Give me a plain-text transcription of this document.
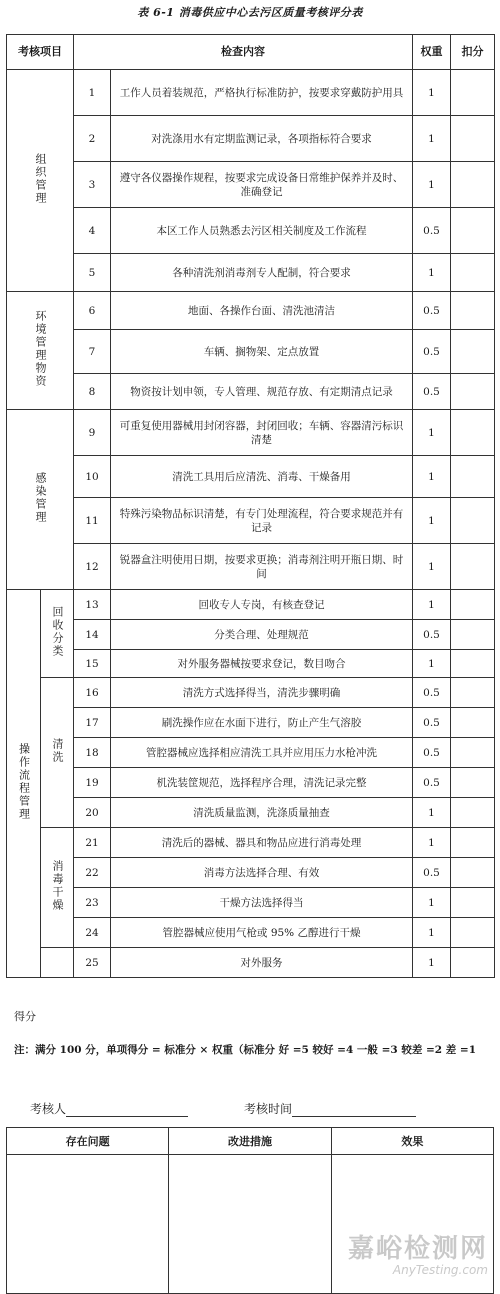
表 6-1 消毒供应中心去污区质量考核评分表
考核项目		检查内容		权重	扣分
组织管理		1	工作人员着装规范，严格执行标准防护，按要求穿戴防护用具	1	
		2	对洗涤用水有定期监测记录，各项指标符合要求	1	
		3	遵守各仪器操作规程，按要求完成设备日常维护保养并及时、准确登记	1	
		4	本区工作人员熟悉去污区相关制度及工作流程	0.5	
		5	各种清洗剂消毒剂专人配制，符合要求	1	
环境管理物资		6	地面、各操作台面、清洗池清洁	0.5	
		7	车辆、搁物架、定点放置	0.5	
		8	物资按计划申领，专人管理、规范存放、有定期清点记录	0.5	
感染管理		9	可重复使用器械用封闭容器，封闭回收；车辆、容器清污标识清楚	1	
		10	清洗工具用后应清洗、消毒、干燥备用	1	
		11	特殊污染物品标识清楚，有专门处理流程，符合要求规范并有记录	1	
		12	锐器盒注明使用日期，按要求更换；消毒剂注明开瓶日期、时间	1	
操作流程管理	回收分类	13	回收专人专岗，有核查登记	1	
		14	分类合理、处理规范	0.5	
		15	对外服务器械按要求登记，数目吻合	1	
	清洗	16	清洗方式选择得当，清洗步骤明确	0.5	
		17	刷洗操作应在水面下进行，防止产生气溶胶	0.5	
		18	管腔器械应选择相应清洗工具并应用压力水枪冲洗	0.5	
		19	机洗装筐规范，选择程序合理，清洗记录完整	0.5	
		20	清洗质量监测，洗涤质量抽查	1	
	消毒干燥	21	清洗后的器械、器具和物品应进行消毒处理	1	
		22	消毒方法选择合理、有效	0.5	
		23	干燥方法选择得当	1	
		24	管腔器械应使用气枪或 95% 乙醇进行干燥	1	
		25	对外服务	1	
得分
注：满分 100 分，单项得分 = 标准分 × 权重（标准分 好 =5 较好 =4 一般 =3 较差 =2 差 =1
考核人	考核时间
存在问题	改进措施	效果

嘉峪检测网
AnyTesting.com
